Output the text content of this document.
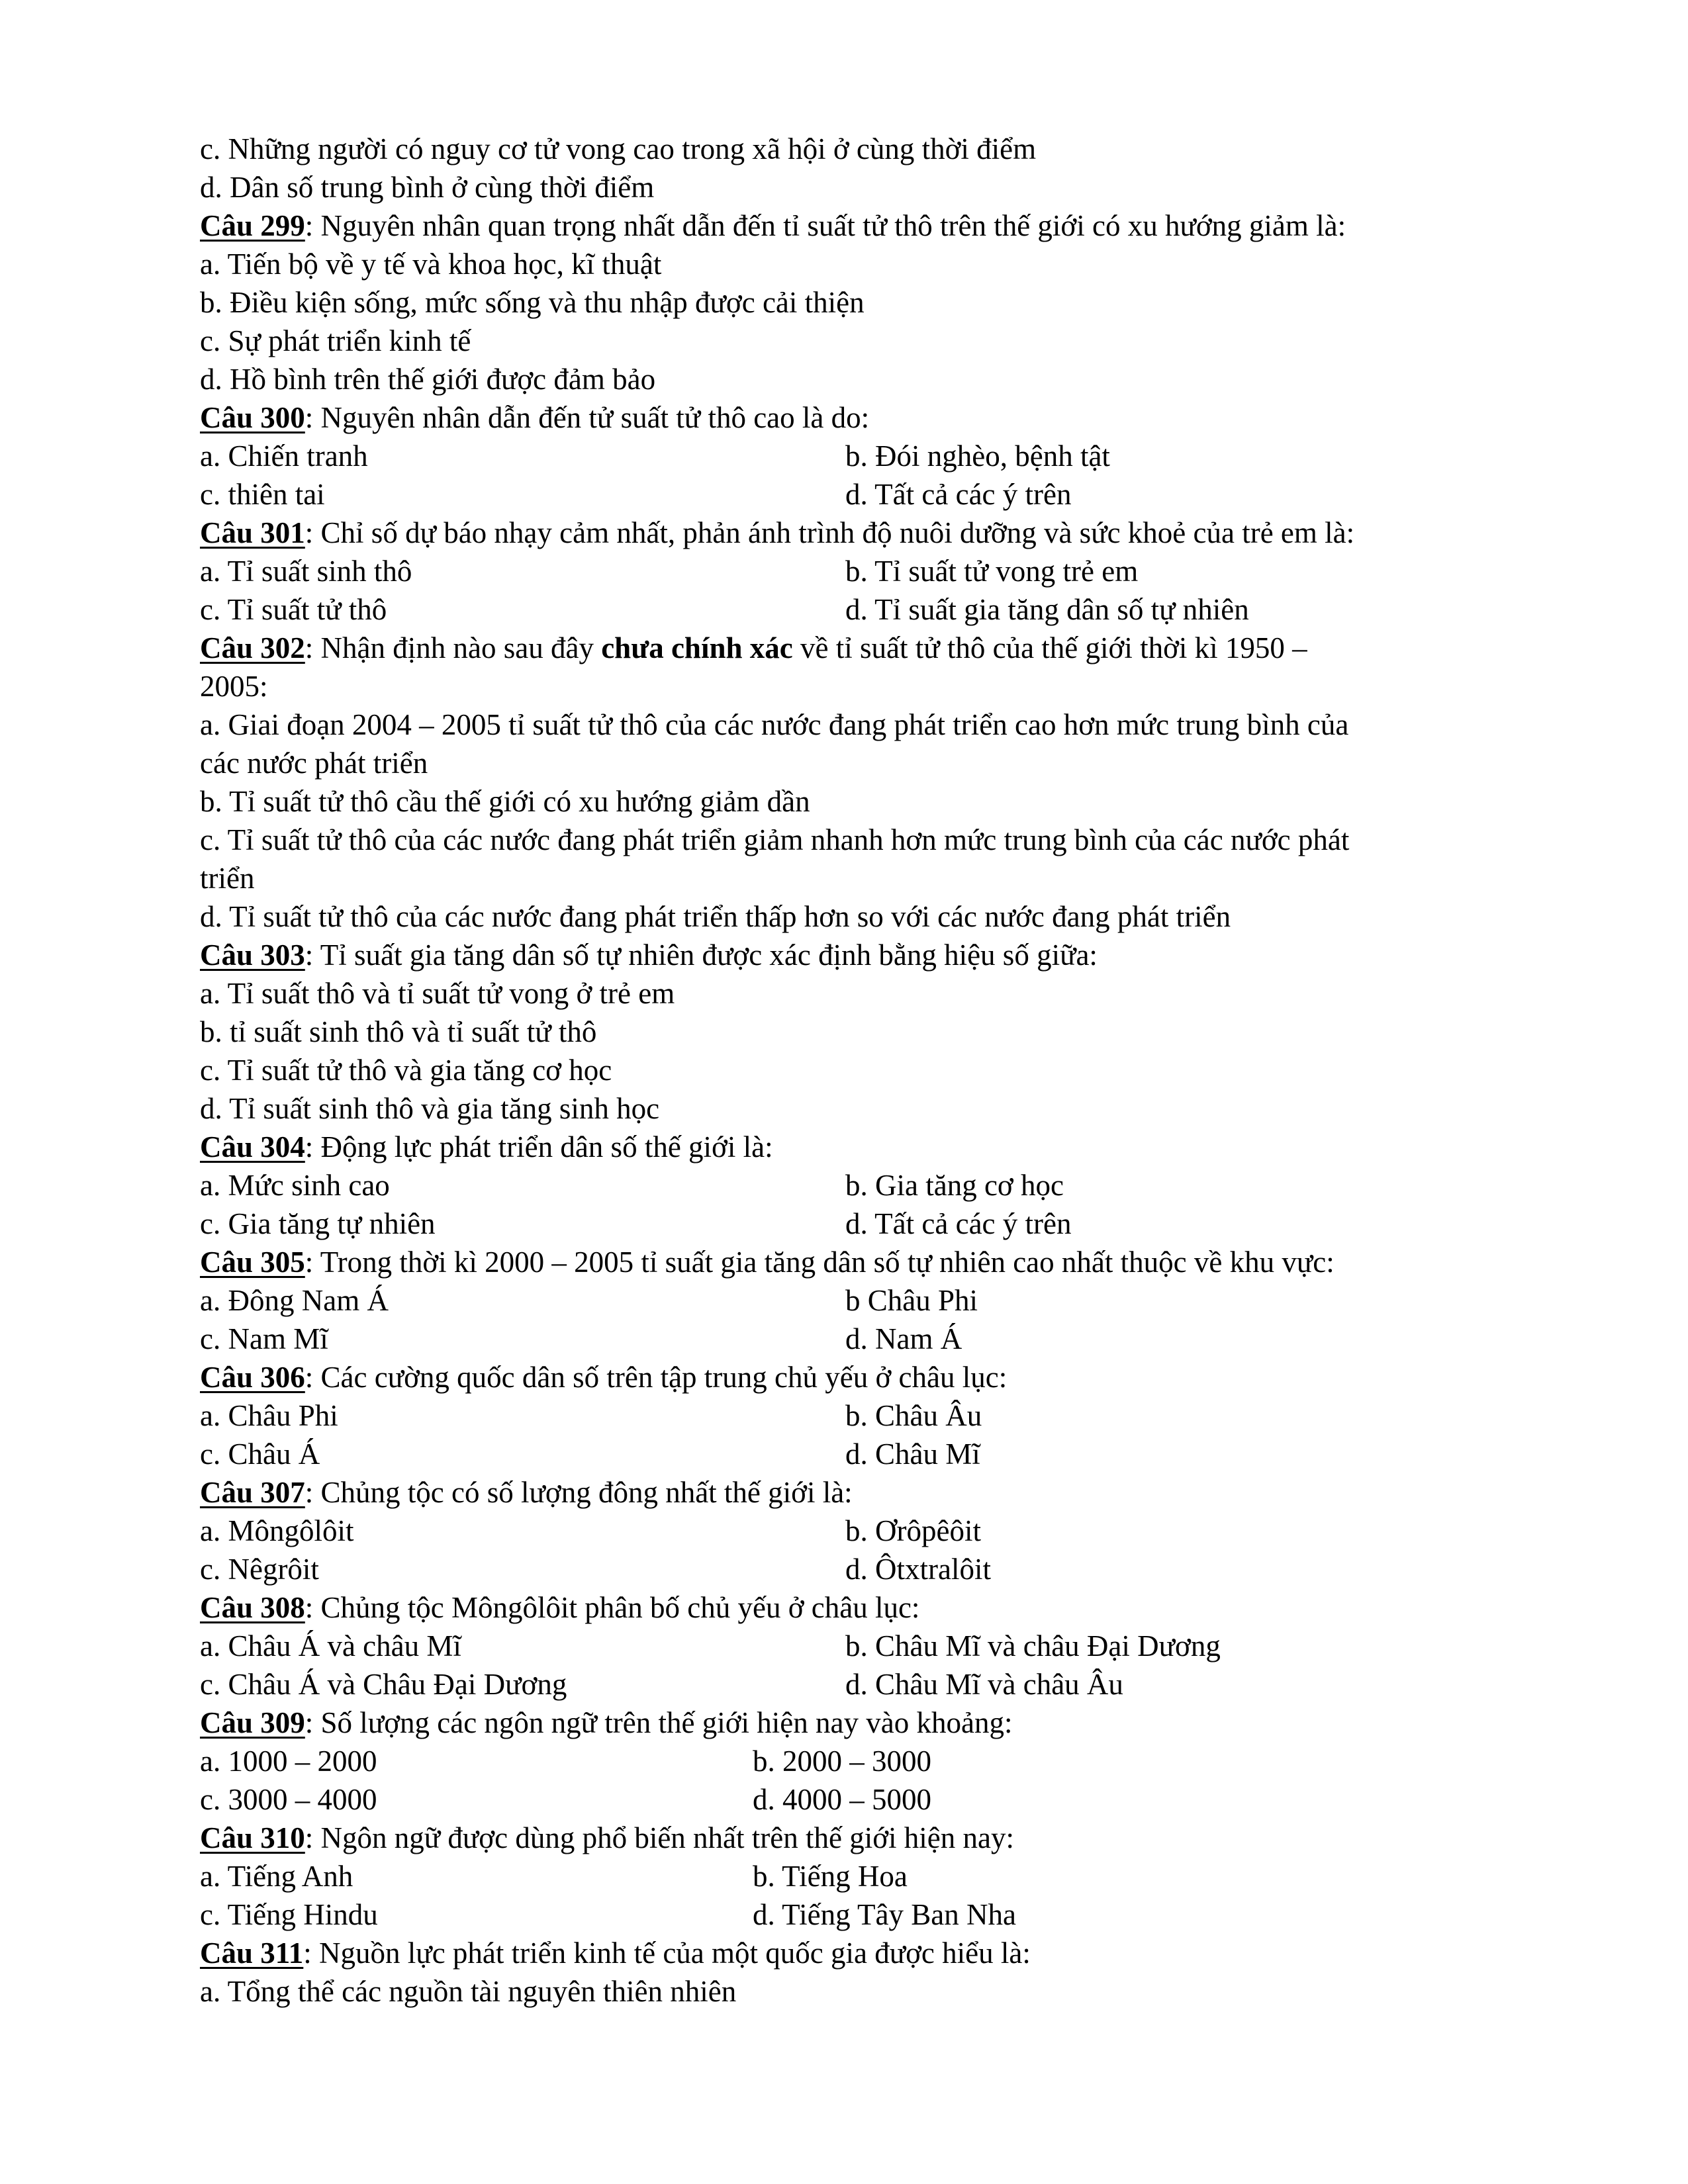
c. Những người có nguy cơ tử vong cao trong xã hội ở cùng thời điểm
d. Dân số trung bình ở cùng thời điểm
Câu 299: Nguyên nhân quan trọng nhất dẫn đến tỉ suất tử thô trên thế giới có xu hướng giảm là:
a. Tiến bộ về y tế và khoa học, kĩ thuật
b. Điều kiện sống, mức sống và thu nhập được cải thiện
c. Sự phát triển kinh tế
d. Hồ bình trên thế giới được đảm bảo
Câu 300: Nguyên nhân dẫn đến tử suất tử thô cao là do:
a. Chiến tranh	b. Đói nghèo, bệnh tật
c. thiên tai	d. Tất cả các ý trên
Câu 301: Chỉ số dự báo nhạy cảm nhất, phản ánh trình độ nuôi dưỡng và sức khoẻ của trẻ em là:
a. Tỉ suất sinh thô	b. Tỉ suất tử vong trẻ em
c. Tỉ suất tử thô	d. Tỉ suất gia tăng dân số tự nhiên
Câu 302: Nhận định nào sau đây chưa chính xác về tỉ suất tử thô của thế giới thời kì 1950 –
2005:
a. Giai đoạn 2004 – 2005 tỉ suất tử thô của các nước đang phát triển cao hơn mức trung bình của
các nước phát triển
b. Tỉ suất tử thô cầu thế giới có xu hướng giảm dần
c. Tỉ suất tử thô của các nước đang phát triển giảm nhanh hơn mức trung bình của các nước phát
triển
d. Tỉ suất tử thô của các nước đang phát triển thấp hơn so với các nước đang phát triển
Câu 303: Tỉ suất gia tăng dân số tự nhiên được xác định bằng hiệu số giữa:
a. Tỉ suất thô và tỉ suất tử vong ở trẻ em
b. tỉ suất sinh thô và tỉ suất tử thô
c. Tỉ suất tử thô và gia tăng cơ học
d. Tỉ suất sinh thô và gia tăng sinh học
Câu 304: Động lực phát triển dân số thế giới là:
a. Mức sinh cao	b. Gia tăng cơ học
c. Gia tăng tự nhiên	d. Tất cả các ý trên
Câu 305: Trong thời kì 2000 – 2005 tỉ suất gia tăng dân số tự nhiên cao nhất thuộc về khu vực:
a. Đông Nam Á	b Châu Phi
c. Nam Mĩ	d. Nam Á
Câu 306: Các cường quốc dân số trên tập trung chủ yếu ở châu lục:
a. Châu Phi	b. Châu Âu
c. Châu Á	d. Châu Mĩ
Câu 307: Chủng tộc có số lượng đông nhất thế giới là:
a. Môngôlôit	b. Ơrôpêôit
c. Nêgrôit	d. Ôtxtralôit
Câu 308: Chủng tộc Môngôlôit phân bố chủ yếu ở châu lục:
a. Châu Á và châu Mĩ	b. Châu Mĩ và châu Đại Dương
c. Châu Á và Châu Đại Dương	d. Châu Mĩ và châu Âu
Câu 309: Số lượng các ngôn ngữ trên thế giới hiện nay vào khoảng:
a. 1000 – 2000	b. 2000 – 3000
c. 3000 – 4000	d. 4000 – 5000
Câu 310: Ngôn ngữ được dùng phổ biến nhất trên thế giới hiện nay:
a. Tiếng Anh	b. Tiếng Hoa
c. Tiếng Hindu	d. Tiếng Tây Ban Nha
Câu 311: Nguồn lực phát triển kinh tế của một quốc gia được hiểu là:
a. Tổng thể các nguồn tài nguyên thiên nhiên
